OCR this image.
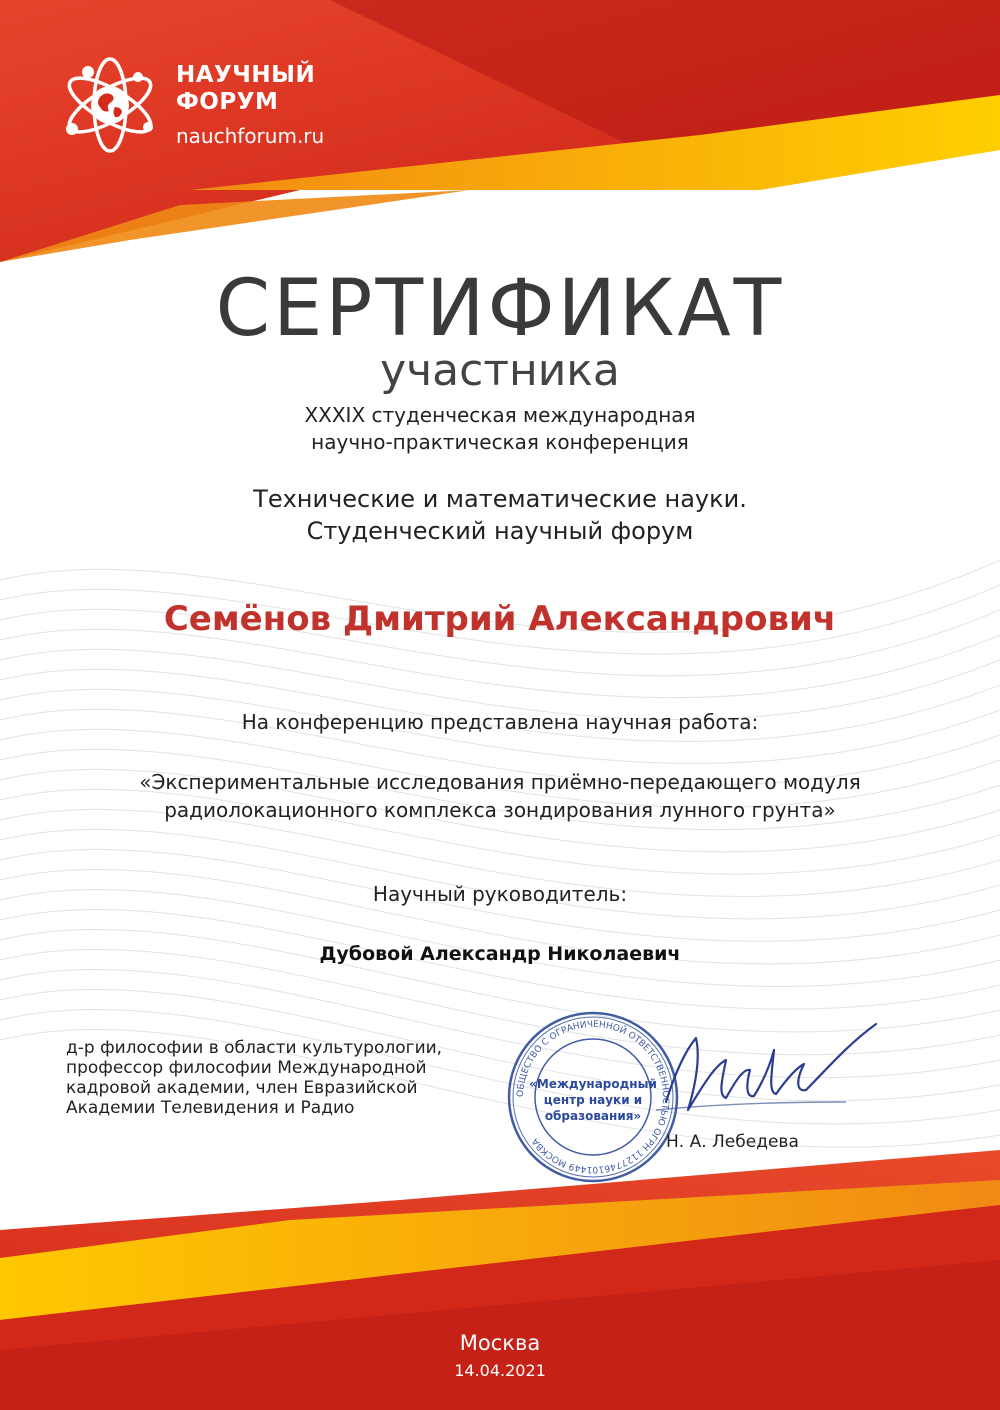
НАУЧНЫЙ
ФОРУМ
nauchforum.ru
СЕРТИФИКАТ
участника
XXXIX студенческая международная
научно-практическая конференция
Технические и математические науки.
Студенческий научный форум
Семёнов Дмитрий Александрович
На конференцию представлена научная работа:
«Экспериментальные исследования приёмно-передающего модуля
радиолокационного комплекса зондирования лунного грунта»
Научный руководитель:
Дубовой Александр Николаевич
д-р философии в области культурологии,
профессор философии Международной
кадровой академии, член Евразийской
Академии Телевидения и Радио
ОБЩЕСТВО С ОГРАНИЧЕННОЙ ОТВЕТСТВЕННОСТЬЮ ОГРН 1127746101449 МОСКВА
«Международный
центр науки и
образования»
Н. А. Лебедева
Москва
14.04.2021
